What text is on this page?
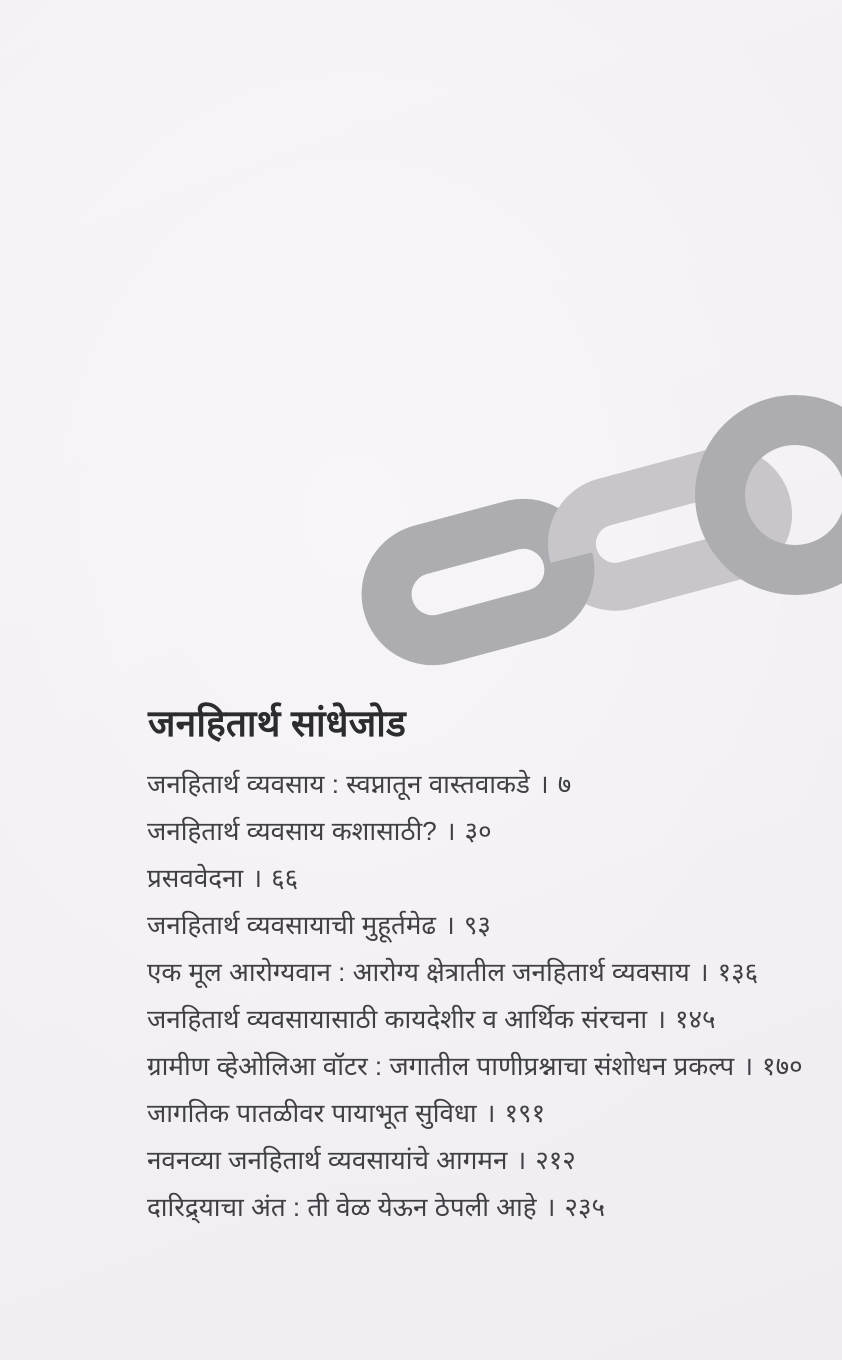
जनहितार्थ सांधेजोड
जनहितार्थ व्यवसाय : स्वप्नातून वास्तवाकडे । ७
जनहितार्थ व्यवसाय कशासाठी? । ३०
प्रसववेदना । ६६
जनहितार्थ व्यवसायाची मुहूर्तमेढ । ९३
एक मूल आरोग्यवान : आरोग्य क्षेत्रातील जनहितार्थ व्यवसाय । १३६
जनहितार्थ व्यवसायासाठी कायदेशीर व आर्थिक संरचना । १४५
ग्रामीण व्हेओलिआ वॉटर : जगातील पाणीप्रश्नाचा संशोधन प्रकल्प । १७०
जागतिक पातळीवर पायाभूत सुविधा । १९१
नवनव्या जनहितार्थ व्यवसायांचे आगमन । २१२
दारिद्र्याचा अंत : ती वेळ येऊन ठेपली आहे । २३५
